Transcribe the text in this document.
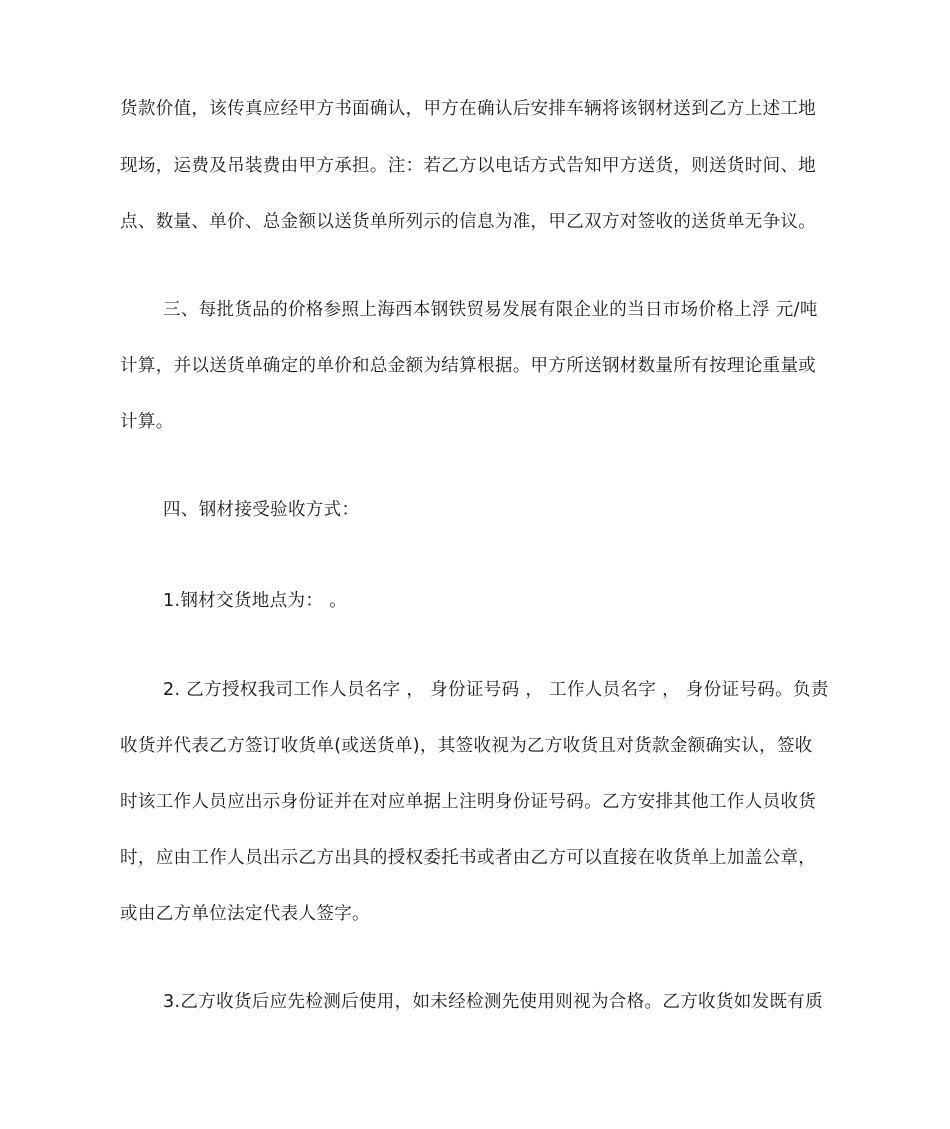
货款价值，该传真应经甲方书面确认，甲方在确认后安排车辆将该钢材送到乙方上述工地
现场，运费及吊装费由甲方承担。注：若乙方以电话方式告知甲方送货，则送货时间、地
点、数量、单价、总金额以送货单所列示的信息为准，甲乙双方对签收的送货单无争议。
三、每批货品的价格参照上海西本钢铁贸易发展有限企业的当日市场价格上浮 元/吨
计算，并以送货单确定的单价和总金额为结算根据。甲方所送钢材数量所有按理论重量或
计算。
四、钢材接受验收方式：
1.钢材交货地点为： 。
2. 乙方授权我司工作人员名字 ， 身份证号码 ， 工作人员名字 ， 身份证号码。负责
收货并代表乙方签订收货单(或送货单)，其签收视为乙方收货且对货款金额确实认，签收
时该工作人员应出示身份证并在对应单据上注明身份证号码。乙方安排其他工作人员收货
时，应由工作人员出示乙方出具的授权委托书或者由乙方可以直接在收货单上加盖公章，
或由乙方单位法定代表人签字。
3.乙方收货后应先检测后使用，如未经检测先使用则视为合格。乙方收货如发既有质
